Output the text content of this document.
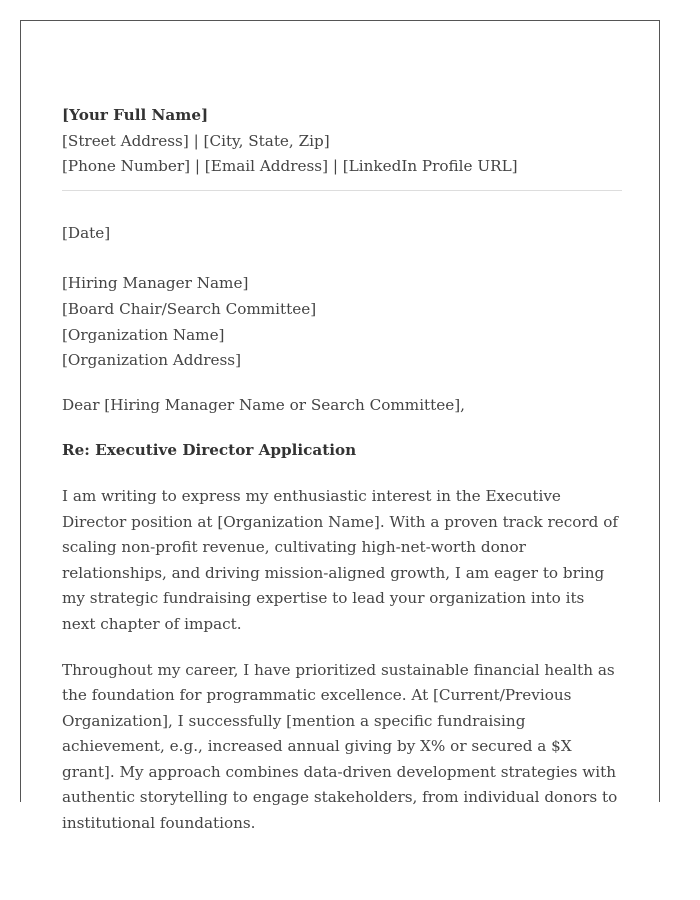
[Your Full Name]

[Street Address] | [City, State, Zip]

[Phone Number] | [Email Address] | [LinkedIn Profile URL]

[Date]

[Hiring Manager Name]

[Board Chair/Search Committee]

[Organization Name]

[Organization Address]

Dear [Hiring Manager Name or Search Committee],

Re: Executive Director Application

I am writing to express my enthusiastic interest in the Executive Director position at [Organization Name]. With a proven track record of scaling non-profit revenue, cultivating high-net-worth donor relationships, and driving mission-aligned growth, I am eager to bring my strategic fundraising expertise to lead your organization into its next chapter of impact.

Throughout my career, I have prioritized sustainable financial health as the foundation for programmatic excellence. At [Current/Previous Organization], I successfully [mention a specific fundraising achievement, e.g., increased annual giving by X% or secured a $X grant]. My approach combines data-driven development strategies with authentic storytelling to engage stakeholders, from individual donors to institutional foundations.
